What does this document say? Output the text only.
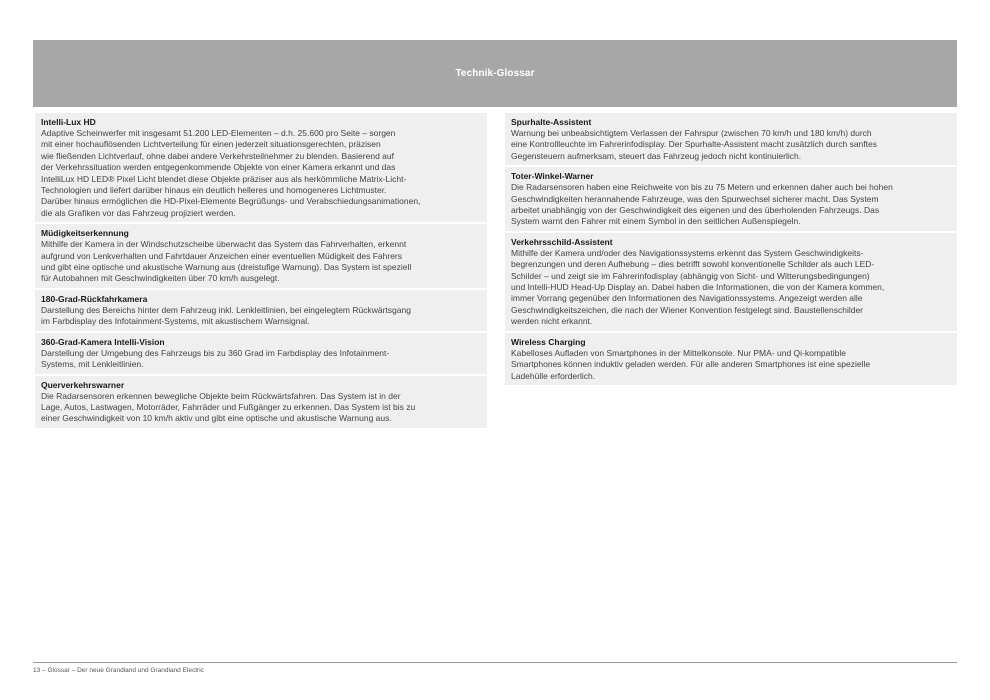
Technik-Glossar
Intelli-Lux HD
Adaptive Scheinwerfer mit insgesamt 51.200 LED-Elementen – d.h. 25.600 pro Seite – sorgen
mit einer hochauflösenden Lichtverteilung für einen jederzeit situationsgerechten, präzisen
wie fließenden Lichtverlauf, ohne dabei andere Verkehrsteilnehmer zu blenden. Basierend auf
der Verkehrssituation werden entgegenkommende Objekte von einer Kamera erkannt und das
IntelliLux HD LED® Pixel Licht blendet diese Objekte präziser aus als herkömmliche Matrix-Licht-
Technologien und liefert darüber hinaus ein deutlich helleres und homogeneres Lichtmuster.
Darüber hinaus ermöglichen die HD-Pixel-Elemente Begrüßungs- und Verabschiedungsanimationen,
die als Grafiken vor das Fahrzeug projiziert werden.
Müdigkeitserkennung
Mithilfe der Kamera in der Windschutzscheibe überwacht das System das Fahrverhalten, erkennt
aufgrund von Lenkverhalten und Fahrtdauer Anzeichen einer eventuellen Müdigkeit des Fahrers
und gibt eine optische und akustische Warnung aus (dreistufige Warnung). Das System ist speziell
für Autobahnen mit Geschwindigkeiten über 70 km/h ausgelegt.
180-Grad-Rückfahrkamera
Darstellung des Bereichs hinter dem Fahrzeug inkl. Lenkleitlinien, bei eingelegtem Rückwärtsgang
im Farbdisplay des Infotainment-Systems, mit akustischem Warnsignal.
360-Grad-Kamera Intelli-Vision
Darstellung der Umgebung des Fahrzeugs bis zu 360 Grad im Farbdisplay des Infotainment-
Systems, mit Lenkleitlinien.
Querverkehrswarner
Die Radarsensoren erkennen bewegliche Objekte beim Rückwärtsfahren. Das System ist in der
Lage, Autos, Lastwagen, Motorräder, Fahrräder und Fußgänger zu erkennen. Das System ist bis zu
einer Geschwindigkeit von 10 km/h aktiv und gibt eine optische und akustische Warnung aus.
Spurhalte-Assistent
Warnung bei unbeabsichtigtem Verlassen der Fahrspur (zwischen 70 km/h und 180 km/h) durch
eine Kontrollleuchte im Fahrerinfodisplay. Der Spurhalte-Assistent macht zusätzlich durch sanftes
Gegensteuern aufmerksam, steuert das Fahrzeug jedoch nicht kontinuierlich.
Toter-Winkel-Warner
Die Radarsensoren haben eine Reichweite von bis zu 75 Metern und erkennen daher auch bei hohen
Geschwindigkeiten herannahende Fahrzeuge, was den Spurwechsel sicherer macht. Das System
arbeitet unabhängig von der Geschwindigkeit des eigenen und des überholenden Fahrzeugs. Das
System warnt den Fahrer mit einem Symbol in den seitlichen Außenspiegeln.
Verkehrsschild-Assistent
Mithilfe der Kamera und/oder des Navigationssystems erkennt das System Geschwindigkeits-
begrenzungen und deren Aufhebung – dies betrifft sowohl konventionelle Schilder als auch LED-
Schilder – und zeigt sie im Fahrerinfodisplay (abhängig von Sicht- und Witterungsbedingungen)
und Intelli-HUD Head-Up Display an. Dabei haben die Informationen, die von der Kamera kommen,
immer Vorrang gegenüber den Informationen des Navigationssystems. Angezeigt werden alle
Geschwindigkeitszeichen, die nach der Wiener Konvention festgelegt sind. Baustellenschilder
werden nicht erkannt.
Wireless Charging
Kabelloses Aufladen von Smartphones in der Mittelkonsole. Nur PMA- und Qi-kompatible
Smartphones können induktiv geladen werden. Für alle anderen Smartphones ist eine spezielle
Ladehülle erforderlich.
13 – Glossar – Der neue Grandland und Grandland Electric
